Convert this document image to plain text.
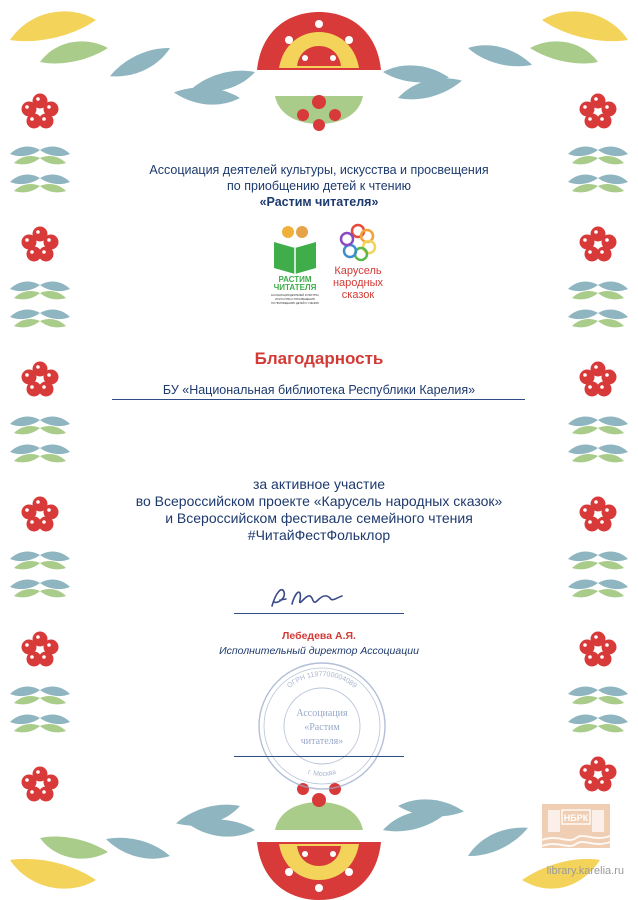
Ассоциация деятелей культуры, искусства и просвещения
по приобщению детей к чтению
«Растим читателя»
РАСТИМ
ЧИТАТЕЛЯ
АССОЦИАЦИЯ ДЕЯТЕЛЕЙ КУЛЬТУРЫ,
ИСКУССТВА И ПРОСВЕЩЕНИЯ
ПО ПРИОБЩЕНИЮ ДЕТЕЙ К ЧТЕНИЮ
Карусель
народных
сказок
Благодарность
БУ «Национальная библиотека Республики Карелия»
за активное участие
во Всероссийском проекте «Карусель народных сказок»
и Всероссийском фестивале семейного чтения
#ЧитайФестФольклор
Лебедева А.Я.
Исполнительный директор Ассоциации
ОГРН 1197700004089
г. Москва
Ассоциация
«Растим
читателя»
НБРК
library.karelia.ru
